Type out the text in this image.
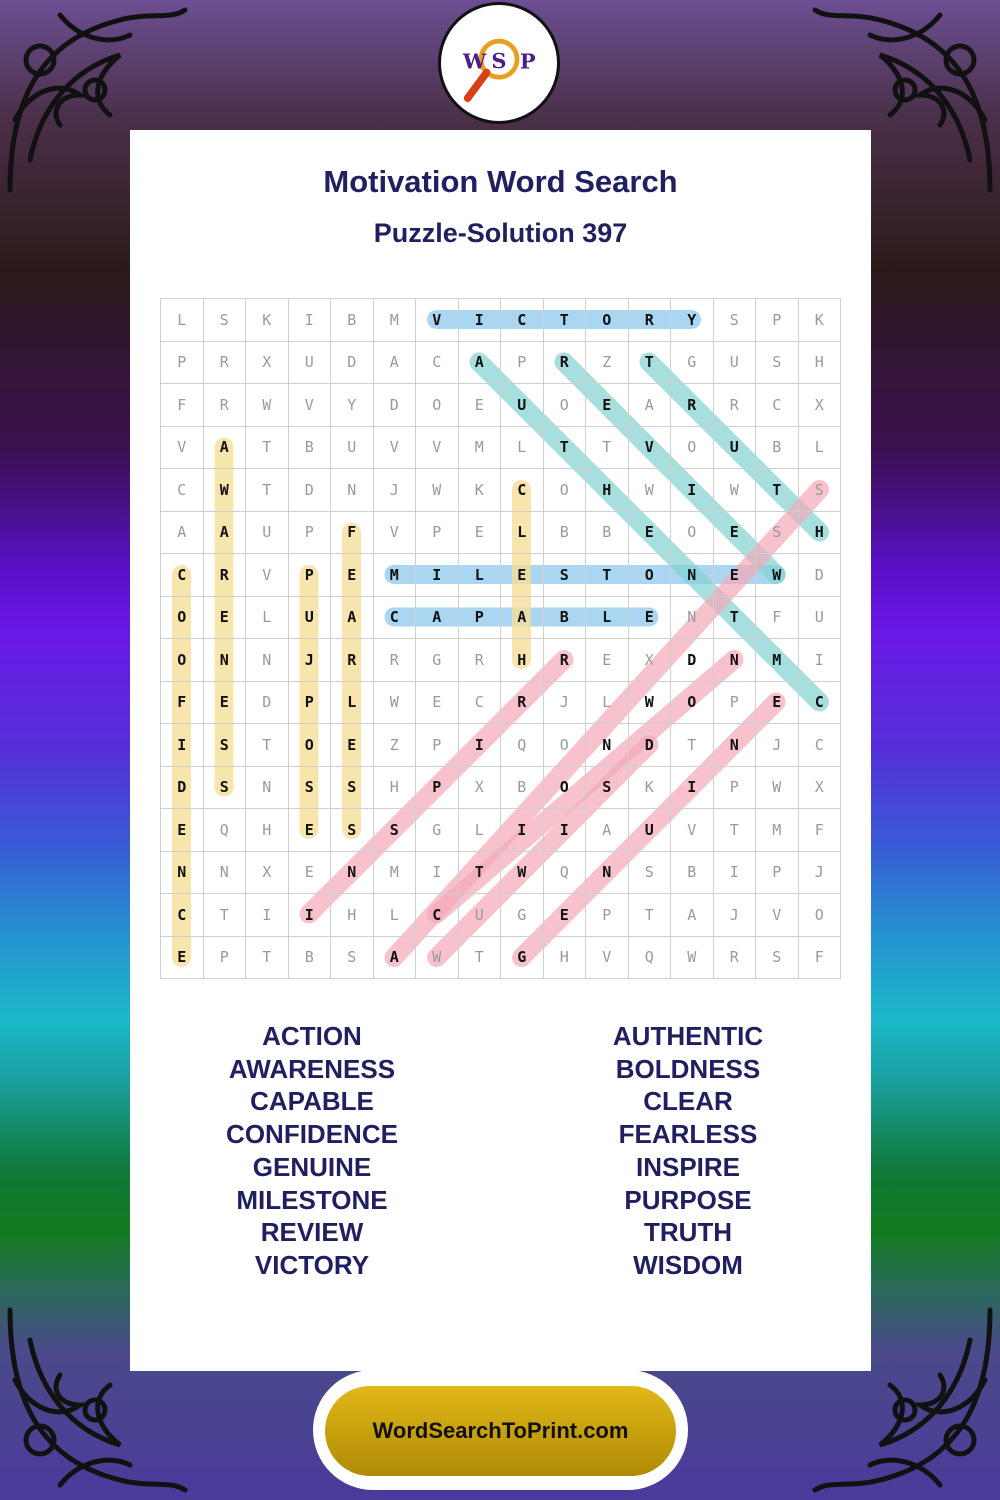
W S P
Motivation Word Search
Puzzle-Solution 397
L	S	K	I	B	M	V	I	C	T	O	R	Y	S	P	K
P	R	X	U	D	A	C	A	P	R	Z	T	G	U	S	H
F	R	W	V	Y	D	O	E	U	O	E	A	R	R	C	X
V	A	T	B	U	V	V	M	L	T	T	V	O	U	B	L
C	W	T	D	N	J	W	K	C	O	H	W	I	W	T	S
A	A	U	P	F	V	P	E	L	B	B	E	O	E	S	H
C	R	V	P	E	M	I	L	E	S	T	O	N	E	W	D
O	E	L	U	A	C	A	P	A	B	L	E	N	T	F	U
O	N	N	J	R	R	G	R	H	R	E	X	D	N	M	I
F	E	D	P	L	W	E	C	R	J	L	W	O	P	E	C
I	S	T	O	E	Z	P	I	Q	O	N	D	T	N	J	C
D	S	N	S	S	H	P	X	B	O	S	K	I	P	W	X
E	Q	H	E	S	S	G	L	I	I	A	U	V	T	M	F
N	N	X	E	N	M	I	T	W	Q	N	S	B	I	P	J
C	T	I	I	H	L	C	U	G	E	P	T	A	J	V	O
E	P	T	B	S	A	W	T	G	H	V	Q	W	R	S	F
ACTION
AWARENESS
CAPABLE
CONFIDENCE
GENUINE
MILESTONE
REVIEW
VICTORY
AUTHENTIC
BOLDNESS
CLEAR
FEARLESS
INSPIRE
PURPOSE
TRUTH
WISDOM
WordSearchToPrint.com
